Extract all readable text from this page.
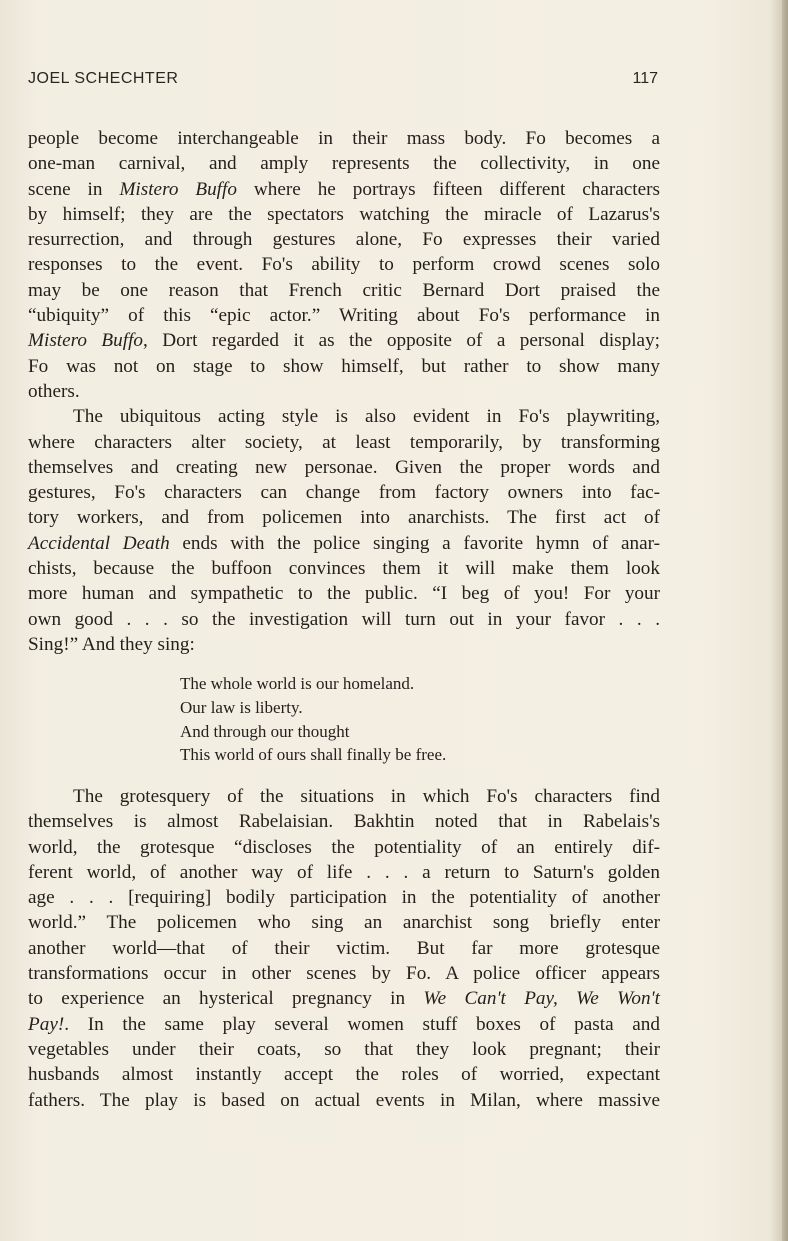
JOEL SCHECHTER	117
people become interchangeable in their mass body. Fo becomes a
one-man carnival, and amply represents the collectivity, in one
scene in Mistero Buffo where he portrays fifteen different characters
by himself; they are the spectators watching the miracle of Lazarus's
resurrection, and through gestures alone, Fo expresses their varied
responses to the event. Fo's ability to perform crowd scenes solo
may be one reason that French critic Bernard Dort praised the
“ubiquity” of this “epic actor.” Writing about Fo's performance in
Mistero Buffo, Dort regarded it as the opposite of a personal display;
Fo was not on stage to show himself, but rather to show many
others.
The ubiquitous acting style is also evident in Fo's playwriting,
where characters alter society, at least temporarily, by transforming
themselves and creating new personae. Given the proper words and
gestures, Fo's characters can change from factory owners into fac-
tory workers, and from policemen into anarchists. The first act of
Accidental Death ends with the police singing a favorite hymn of anar-
chists, because the buffoon convinces them it will make them look
more human and sympathetic to the public. “I beg of you! For your
own good . . . so the investigation will turn out in your favor . . .
Sing!” And they sing:
The whole world is our homeland.
Our law is liberty.
And through our thought
This world of ours shall finally be free.
The grotesquery of the situations in which Fo's characters find
themselves is almost Rabelaisian. Bakhtin noted that in Rabelais's
world, the grotesque “discloses the potentiality of an entirely dif-
ferent world, of another way of life . . . a return to Saturn's golden
age . . . [requiring] bodily participation in the potentiality of another
world.” The policemen who sing an anarchist song briefly enter
another world—that of their victim. But far more grotesque
transformations occur in other scenes by Fo. A police officer appears
to experience an hysterical pregnancy in We Can't Pay, We Won't
Pay!. In the same play several women stuff boxes of pasta and
vegetables under their coats, so that they look pregnant; their
husbands almost instantly accept the roles of worried, expectant
fathers. The play is based on actual events in Milan, where massive
